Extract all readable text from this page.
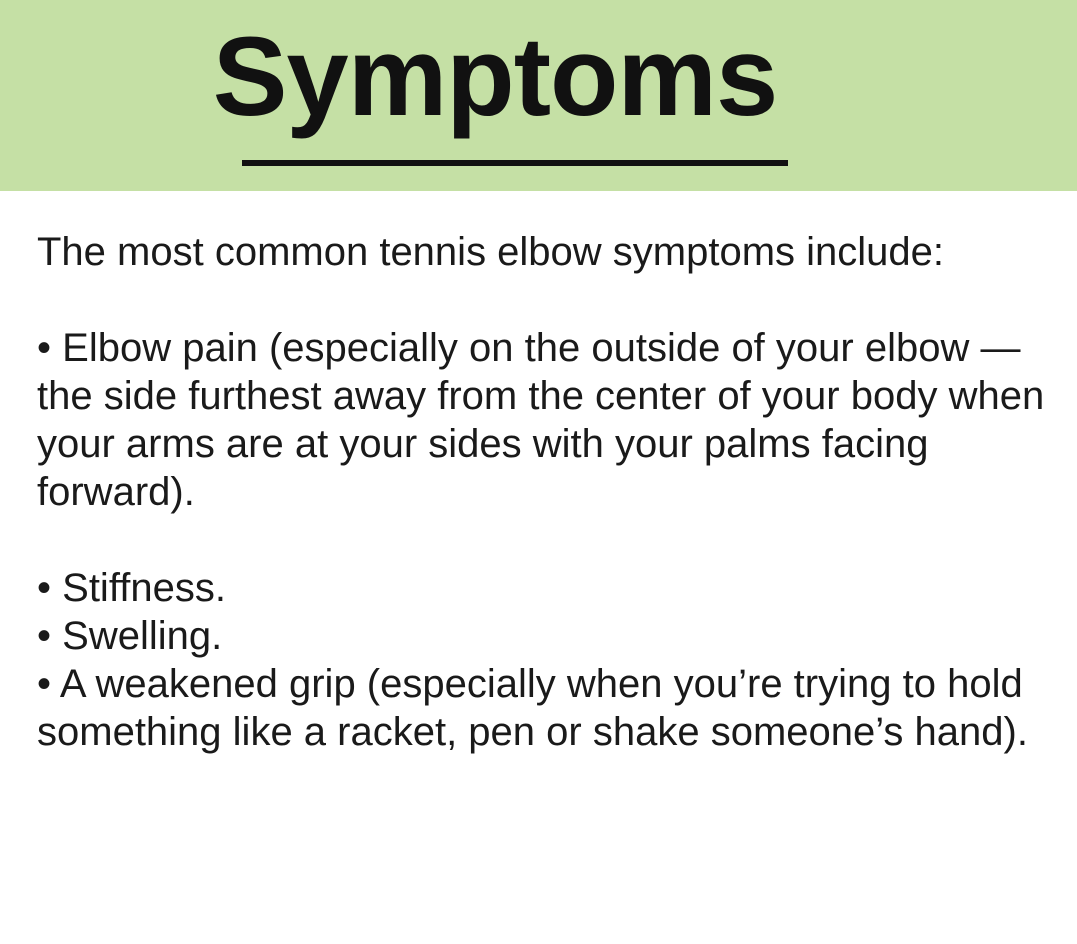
Symptoms

The most common tennis elbow symptoms include:

• Elbow pain (especially on the outside of your elbow — the side furthest away from the center of your body when your arms are at your sides with your palms facing forward).

• Stiffness.

• Swelling.

• A weakened grip (especially when you’re trying to hold something like a racket, pen or shake someone’s hand).
